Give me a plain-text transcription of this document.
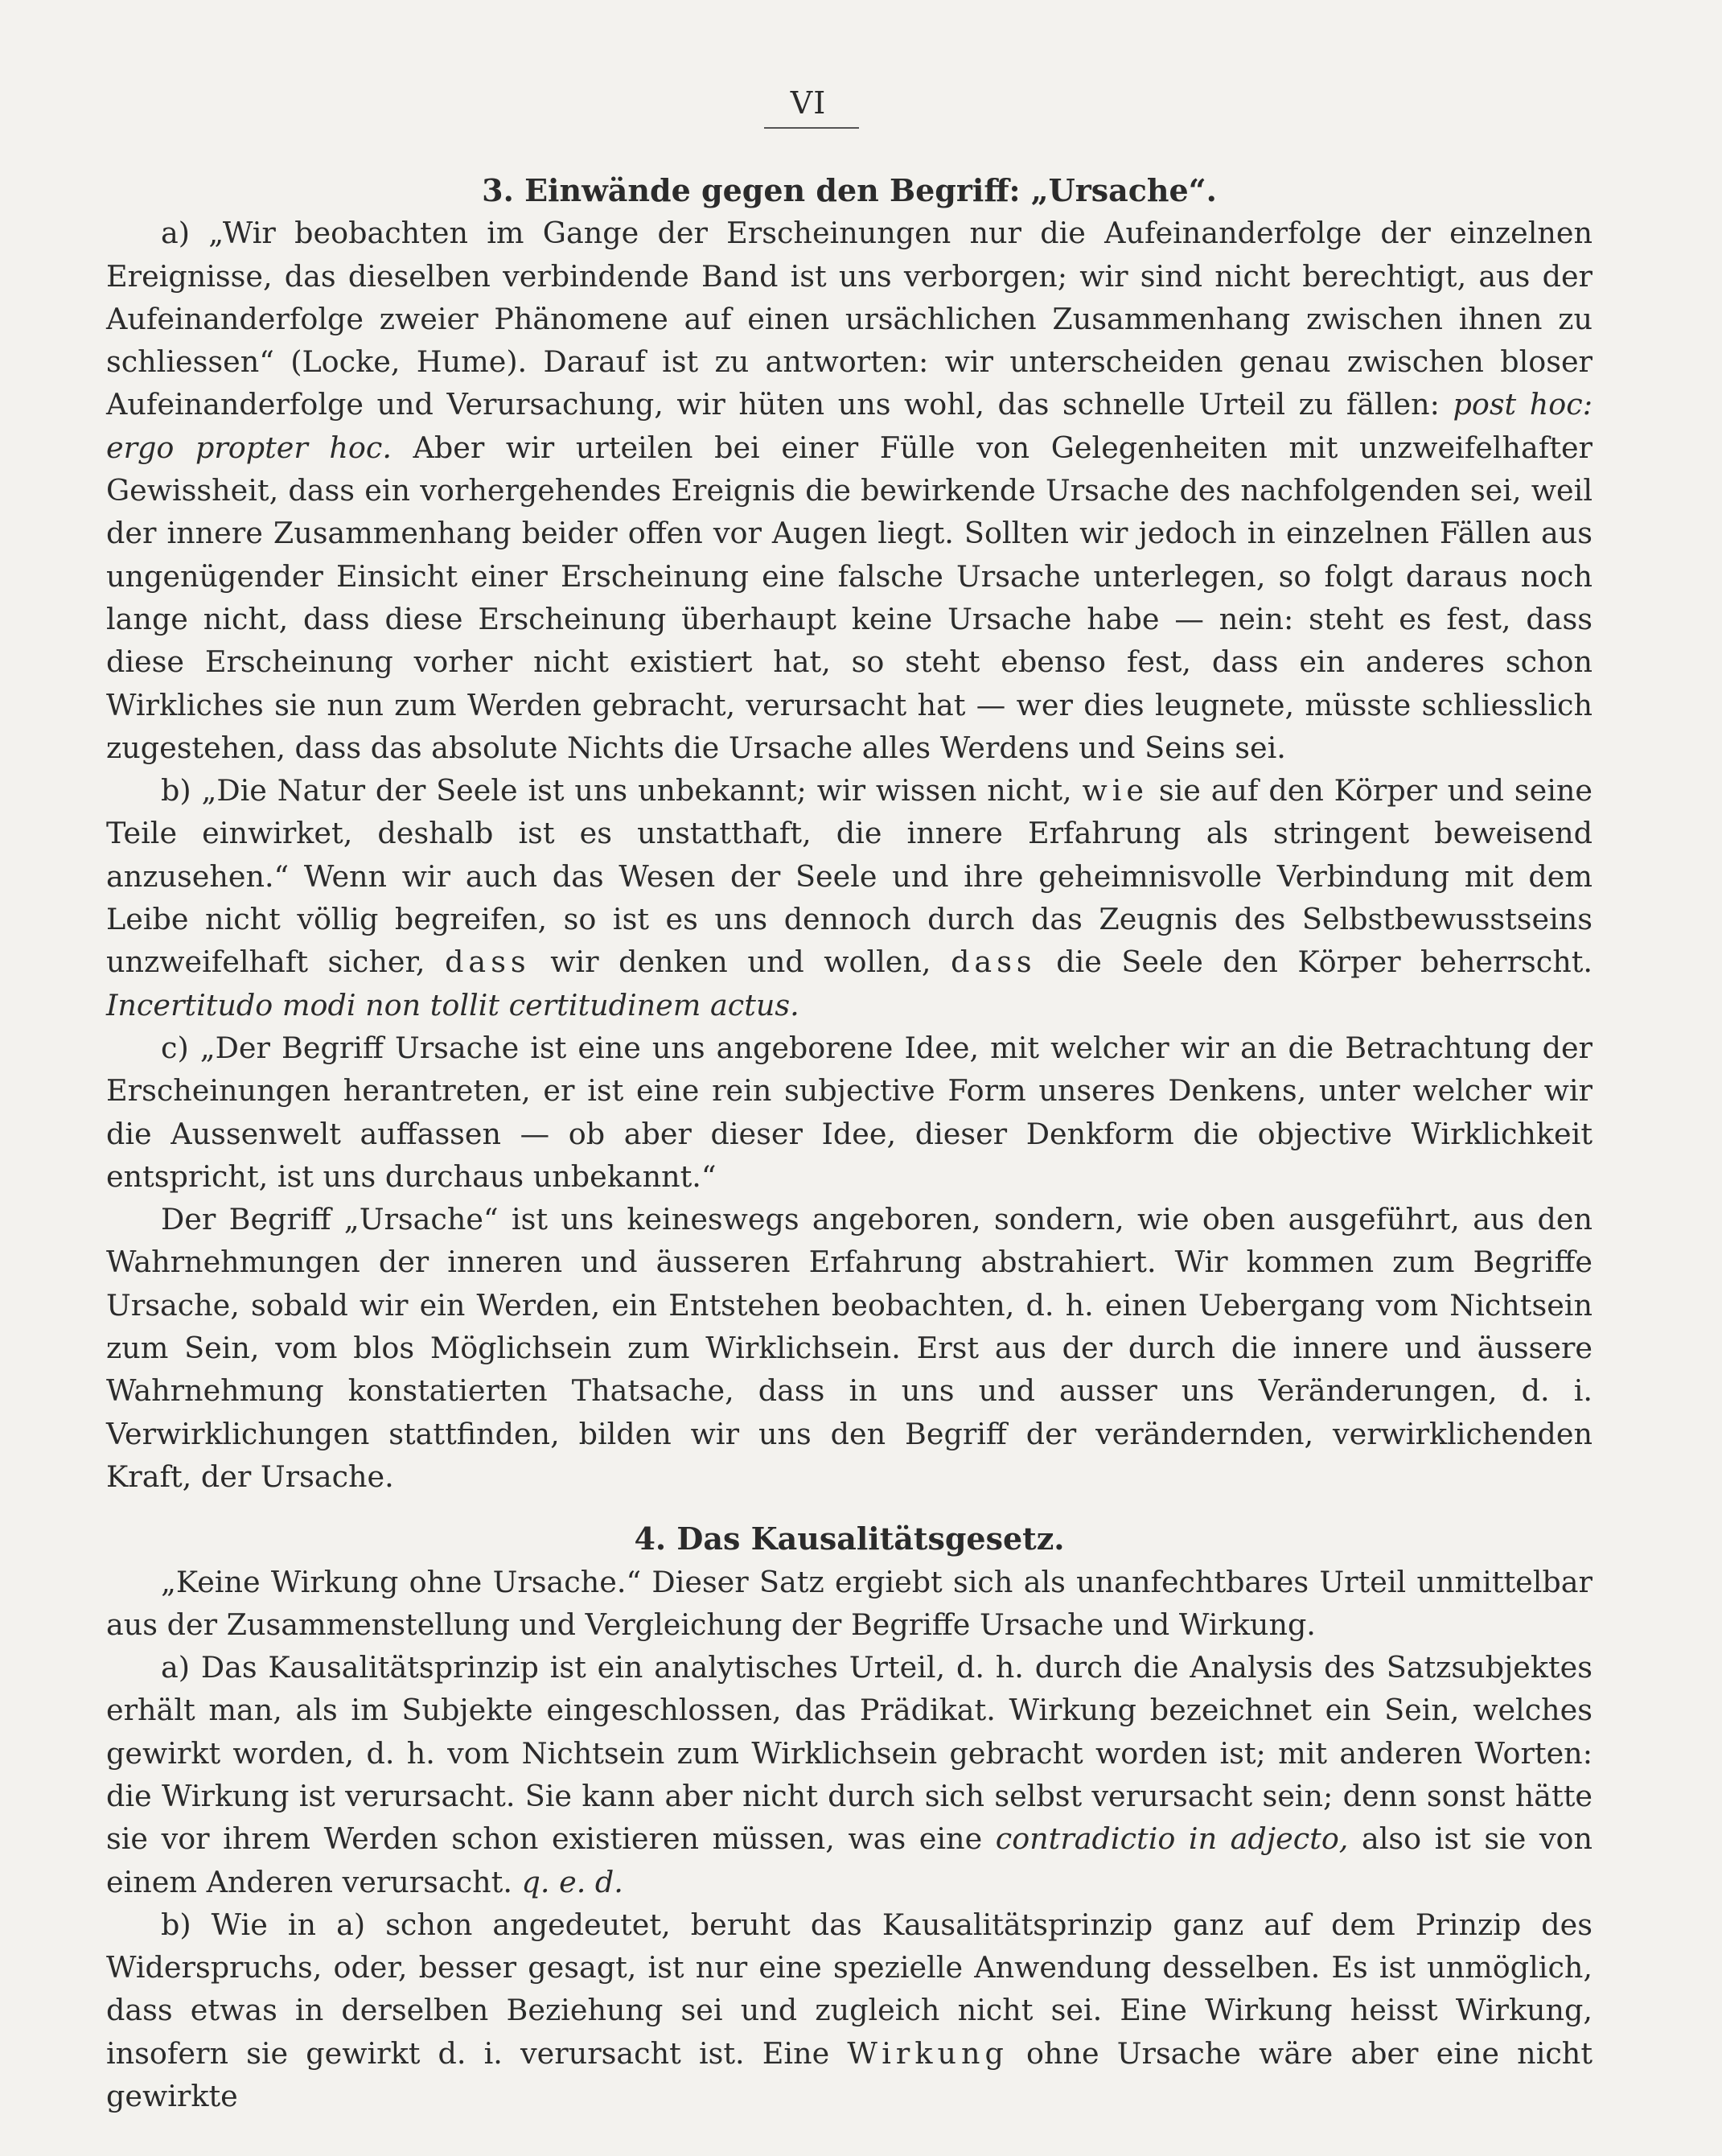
VI
3. Einwände gegen den Begriff: „Ursache“.

a) „Wir beobachten im Gange der Erscheinungen nur die Aufeinanderfolge der einzelnen Ereignisse, das dieselben verbindende Band ist uns verborgen; wir sind nicht berechtigt, aus der Aufeinanderfolge zweier Phänomene auf einen ursächlichen Zusammenhang zwischen ihnen zu schliessen“ (Locke, Hume). Darauf ist zu antworten: wir unterscheiden genau zwischen bloser Aufeinanderfolge und Verursachung, wir hüten uns wohl, das schnelle Urteil zu fällen: post hoc: ergo propter hoc. Aber wir urteilen bei einer Fülle von Gelegenheiten mit unzweifelhafter Gewissheit, dass ein vorhergehendes Ereignis die bewirkende Ursache des nachfolgenden sei, weil der innere Zusammenhang beider offen vor Augen liegt. Sollten wir jedoch in einzelnen Fällen aus ungenügender Einsicht einer Erscheinung eine falsche Ursache unterlegen, so folgt daraus noch lange nicht, dass diese Erscheinung überhaupt keine Ursache habe — nein: steht es fest, dass diese Erscheinung vorher nicht existiert hat, so steht ebenso fest, dass ein anderes schon Wirkliches sie nun zum Werden gebracht, verursacht hat — wer dies leugnete, müsste schliesslich zugestehen, dass das absolute Nichts die Ursache alles Werdens und Seins sei.

b) „Die Natur der Seele ist uns unbekannt; wir wissen nicht, wie sie auf den Körper und seine Teile einwirket, deshalb ist es unstatthaft, die innere Erfahrung als stringent beweisend anzusehen.“ Wenn wir auch das Wesen der Seele und ihre geheimnisvolle Verbindung mit dem Leibe nicht völlig begreifen, so ist es uns dennoch durch das Zeugnis des Selbstbewusstseins unzweifelhaft sicher, dass wir denken und wollen, dass die Seele den Körper beherrscht. Incertitudo modi non tollit certitudinem actus.

c) „Der Begriff Ursache ist eine uns angeborene Idee, mit welcher wir an die Betrachtung der Erscheinungen herantreten, er ist eine rein subjective Form unseres Denkens, unter welcher wir die Aussenwelt auffassen — ob aber dieser Idee, dieser Denkform die objective Wirklichkeit entspricht, ist uns durchaus unbekannt.“

Der Begriff „Ursache“ ist uns keineswegs angeboren, sondern, wie oben ausgeführt, aus den Wahrnehmungen der inneren und äusseren Erfahrung abstrahiert. Wir kommen zum Begriffe Ursache, sobald wir ein Werden, ein Entstehen beobachten, d. h. einen Uebergang vom Nichtsein zum Sein, vom blos Möglichsein zum Wirklichsein. Erst aus der durch die innere und äussere Wahrnehmung konstatierten Thatsache, dass in uns und ausser uns Veränderungen, d. i. Verwirklichungen stattfinden, bilden wir uns den Begriff der verändernden, verwirklichenden Kraft, der Ursache.

4. Das Kausalitätsgesetz.

„Keine Wirkung ohne Ursache.“ Dieser Satz ergiebt sich als unanfechtbares Urteil unmittelbar aus der Zusammenstellung und Vergleichung der Begriffe Ursache und Wirkung.

a) Das Kausalitätsprinzip ist ein analytisches Urteil, d. h. durch die Analysis des Satzsubjektes erhält man, als im Subjekte eingeschlossen, das Prädikat. Wirkung bezeichnet ein Sein, welches gewirkt worden, d. h. vom Nichtsein zum Wirklichsein gebracht worden ist; mit anderen Worten: die Wirkung ist verursacht. Sie kann aber nicht durch sich selbst verursacht sein; denn sonst hätte sie vor ihrem Werden schon existieren müssen, was eine contradictio in adjecto, also ist sie von einem Anderen verursacht. q. e. d.

b) Wie in a) schon angedeutet, beruht das Kausalitätsprinzip ganz auf dem Prinzip des Widerspruchs, oder, besser gesagt, ist nur eine spezielle Anwendung desselben. Es ist unmöglich, dass etwas in derselben Beziehung sei und zugleich nicht sei. Eine Wirkung heisst Wirkung, insofern sie gewirkt d. i. verursacht ist. Eine Wirkung ohne Ursache wäre aber eine nicht gewirkte
